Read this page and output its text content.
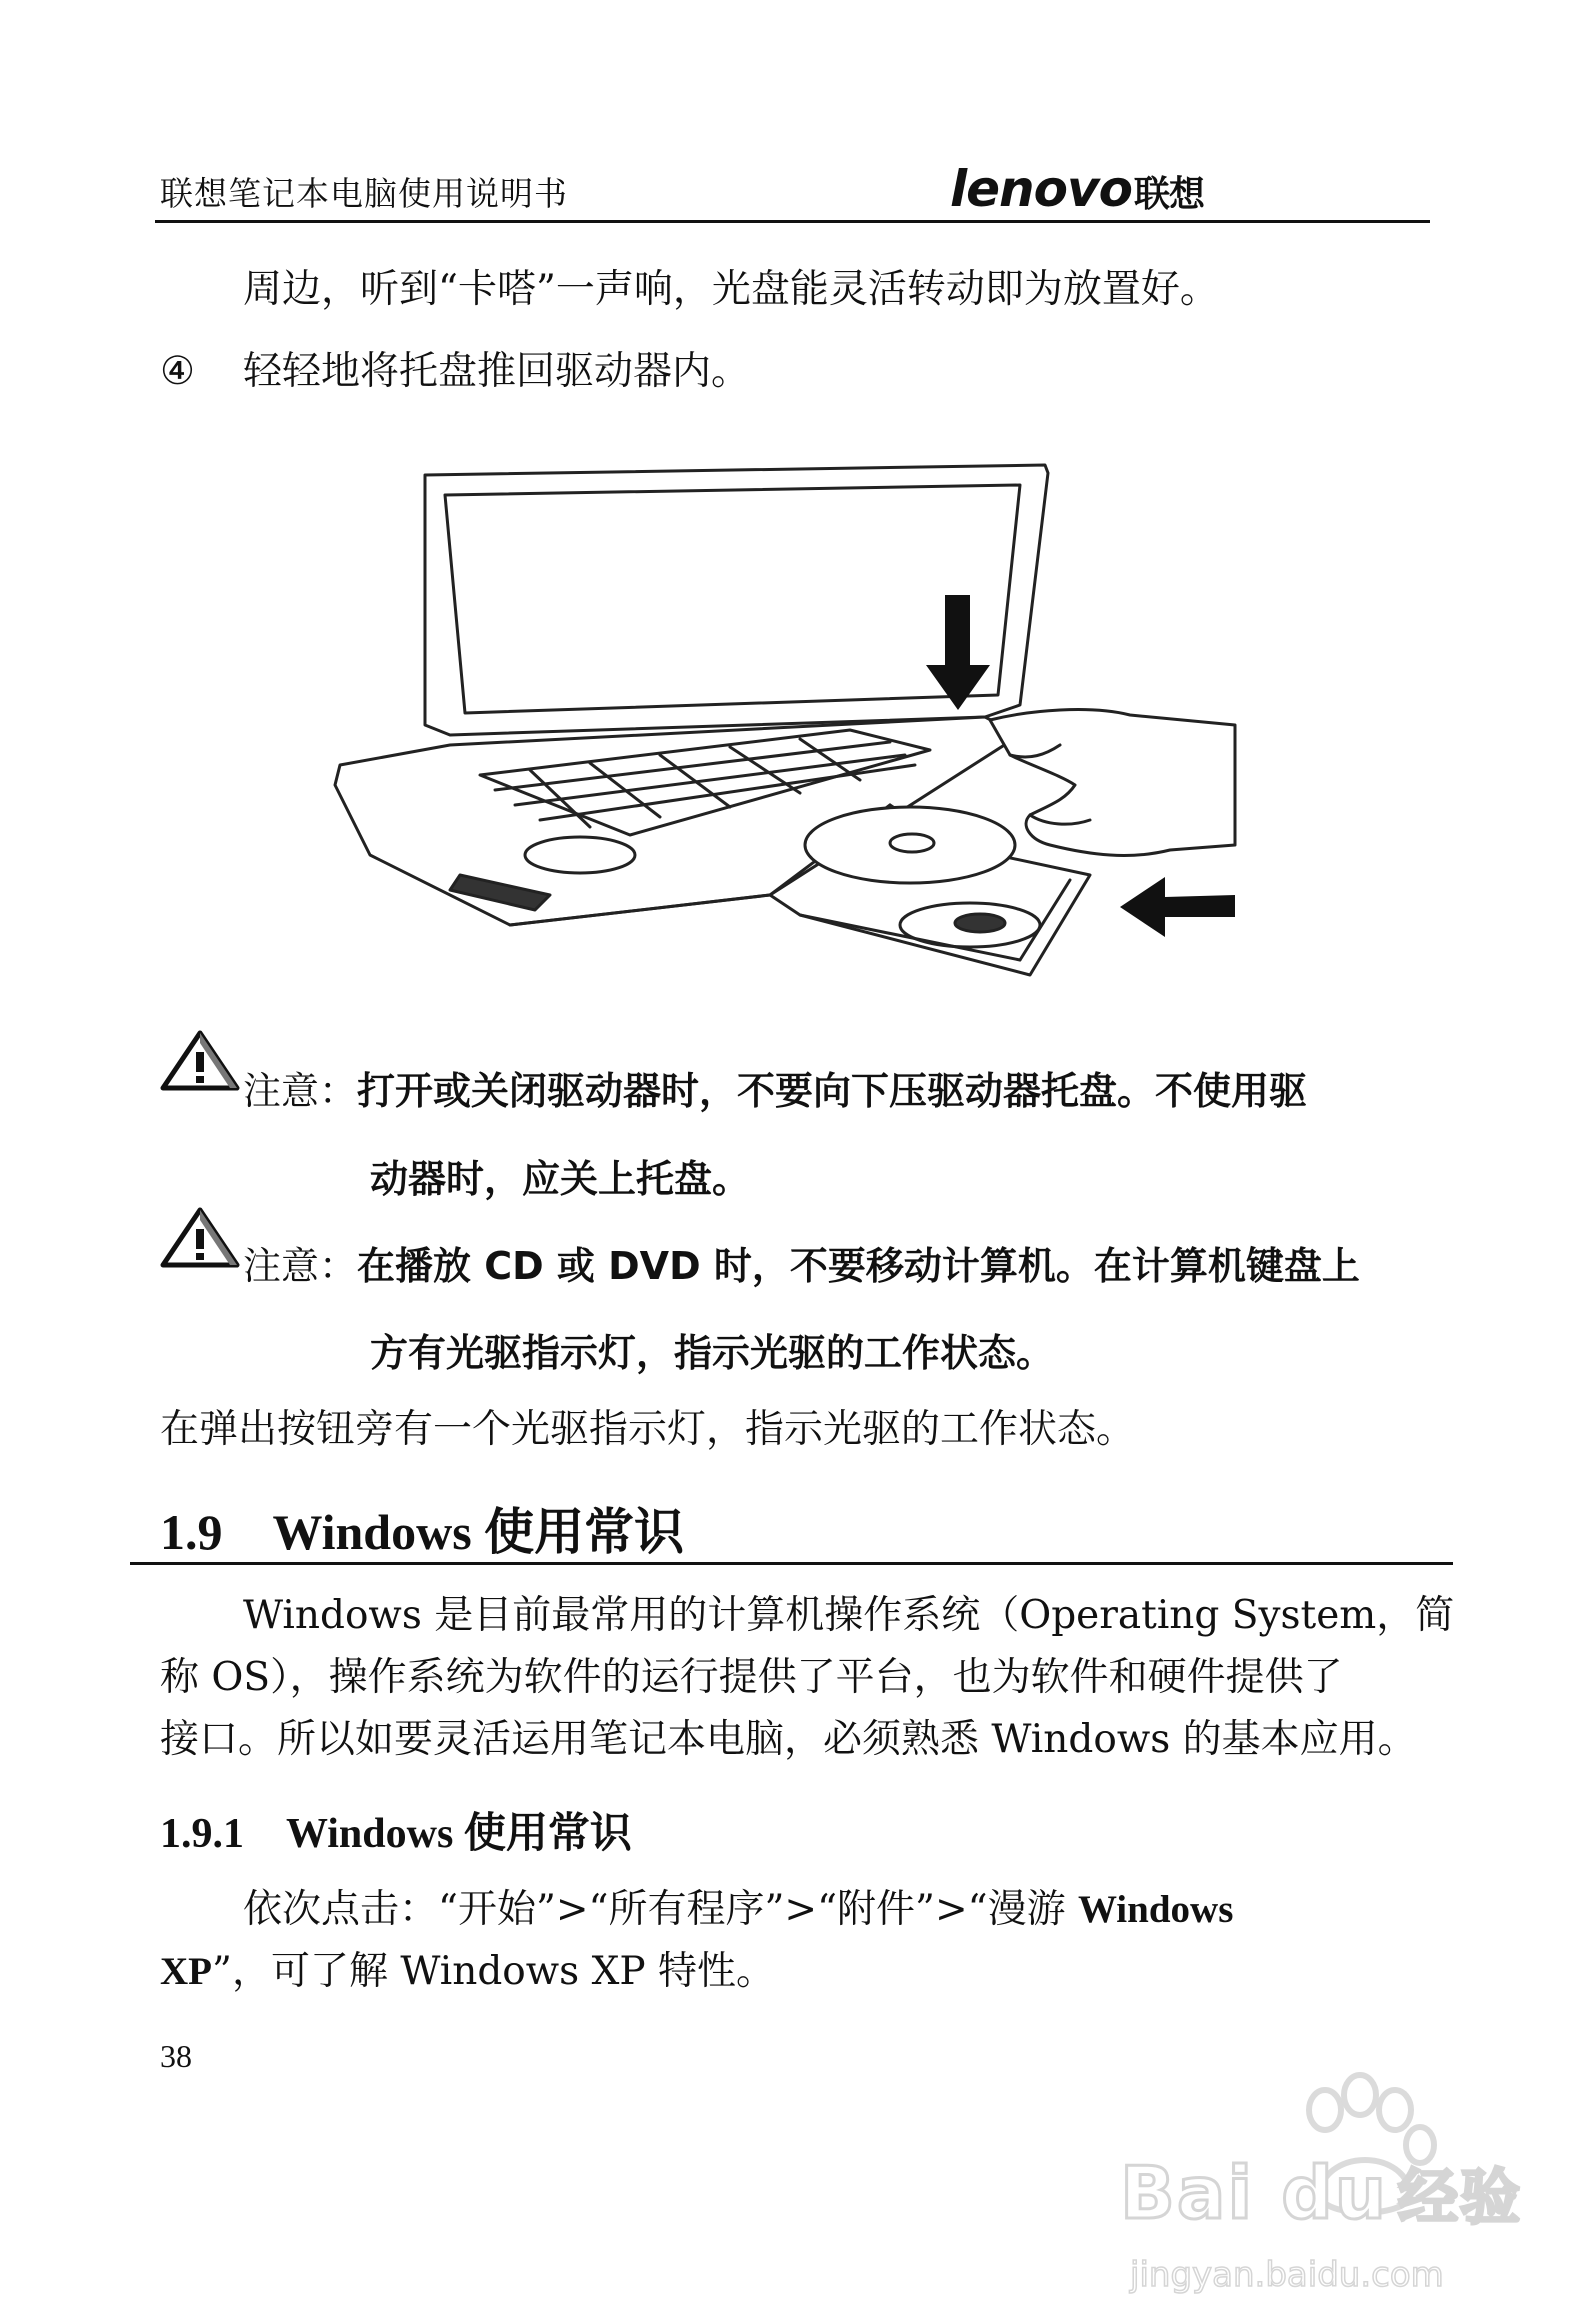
联想笔记本电脑使用说明书	lenovo联想
周边，听到“卡嗒”一声响，光盘能灵活转动即为放置好。
④ 轻轻地将托盘推回驱动器内。
注意：打开或关闭驱动器时，不要向下压驱动器托盘。不使用驱
动器时，应关上托盘。
注意：在播放 CD 或 DVD 时，不要移动计算机。在计算机键盘上
方有光驱指示灯，指示光驱的工作状态。
在弹出按钮旁有一个光驱指示灯，指示光驱的工作状态。
1.9 Windows 使用常识
Windows 是目前最常用的计算机操作系统（Operating System，简
称 OS），操作系统为软件的运行提供了平台，也为软件和硬件提供了
接口。所以如要灵活运用笔记本电脑，必须熟悉 Windows 的基本应用。
1.9.1 Windows 使用常识
依次点击：“开始”>“所有程序”>“附件”>“漫游 Windows
XP”，可了解 Windows XP 特性。
38
Bai du 经验
jingyan.baidu.com
